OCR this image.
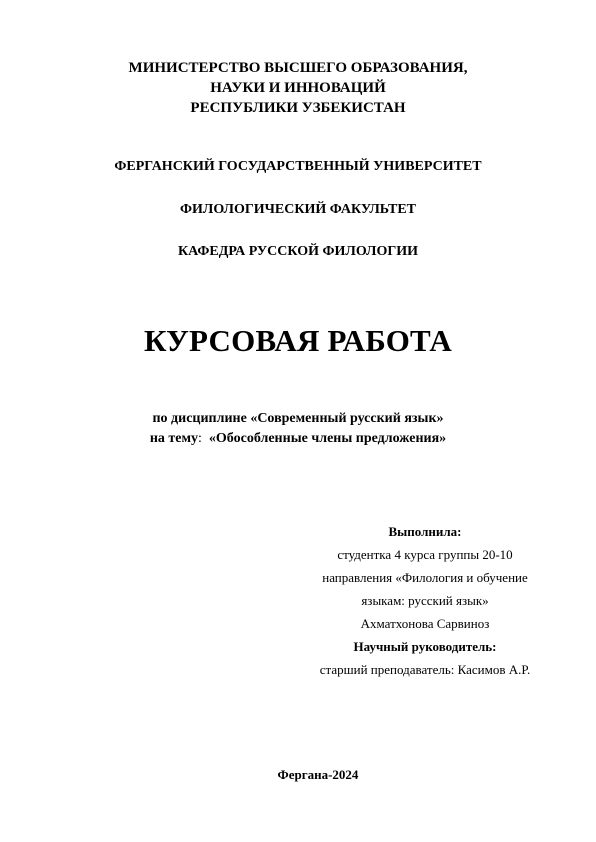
МИНИСТЕРСТВО ВЫСШЕГО ОБРАЗОВАНИЯ,
НАУКИ И ИННОВАЦИЙ
РЕСПУБЛИКИ УЗБЕКИСТАН
ФЕРГАНСКИЙ ГОСУДАРСТВЕННЫЙ УНИВЕРСИТЕТ
ФИЛОЛОГИЧЕСКИЙ ФАКУЛЬТЕТ
КАФЕДРА РУССКОЙ ФИЛОЛОГИИ
КУРСОВАЯ РАБОТА
по дисциплине «Современный русский язык»
на тему: «Обособленные члены предложения»
Выполнила:
студентка 4 курса группы 20-10
направления «Филология и обучение
языкам: русский язык»
Ахматхонова Сарвиноз
Научный руководитель:
старший преподаватель: Касимов А.Р.
Фергана-2024
